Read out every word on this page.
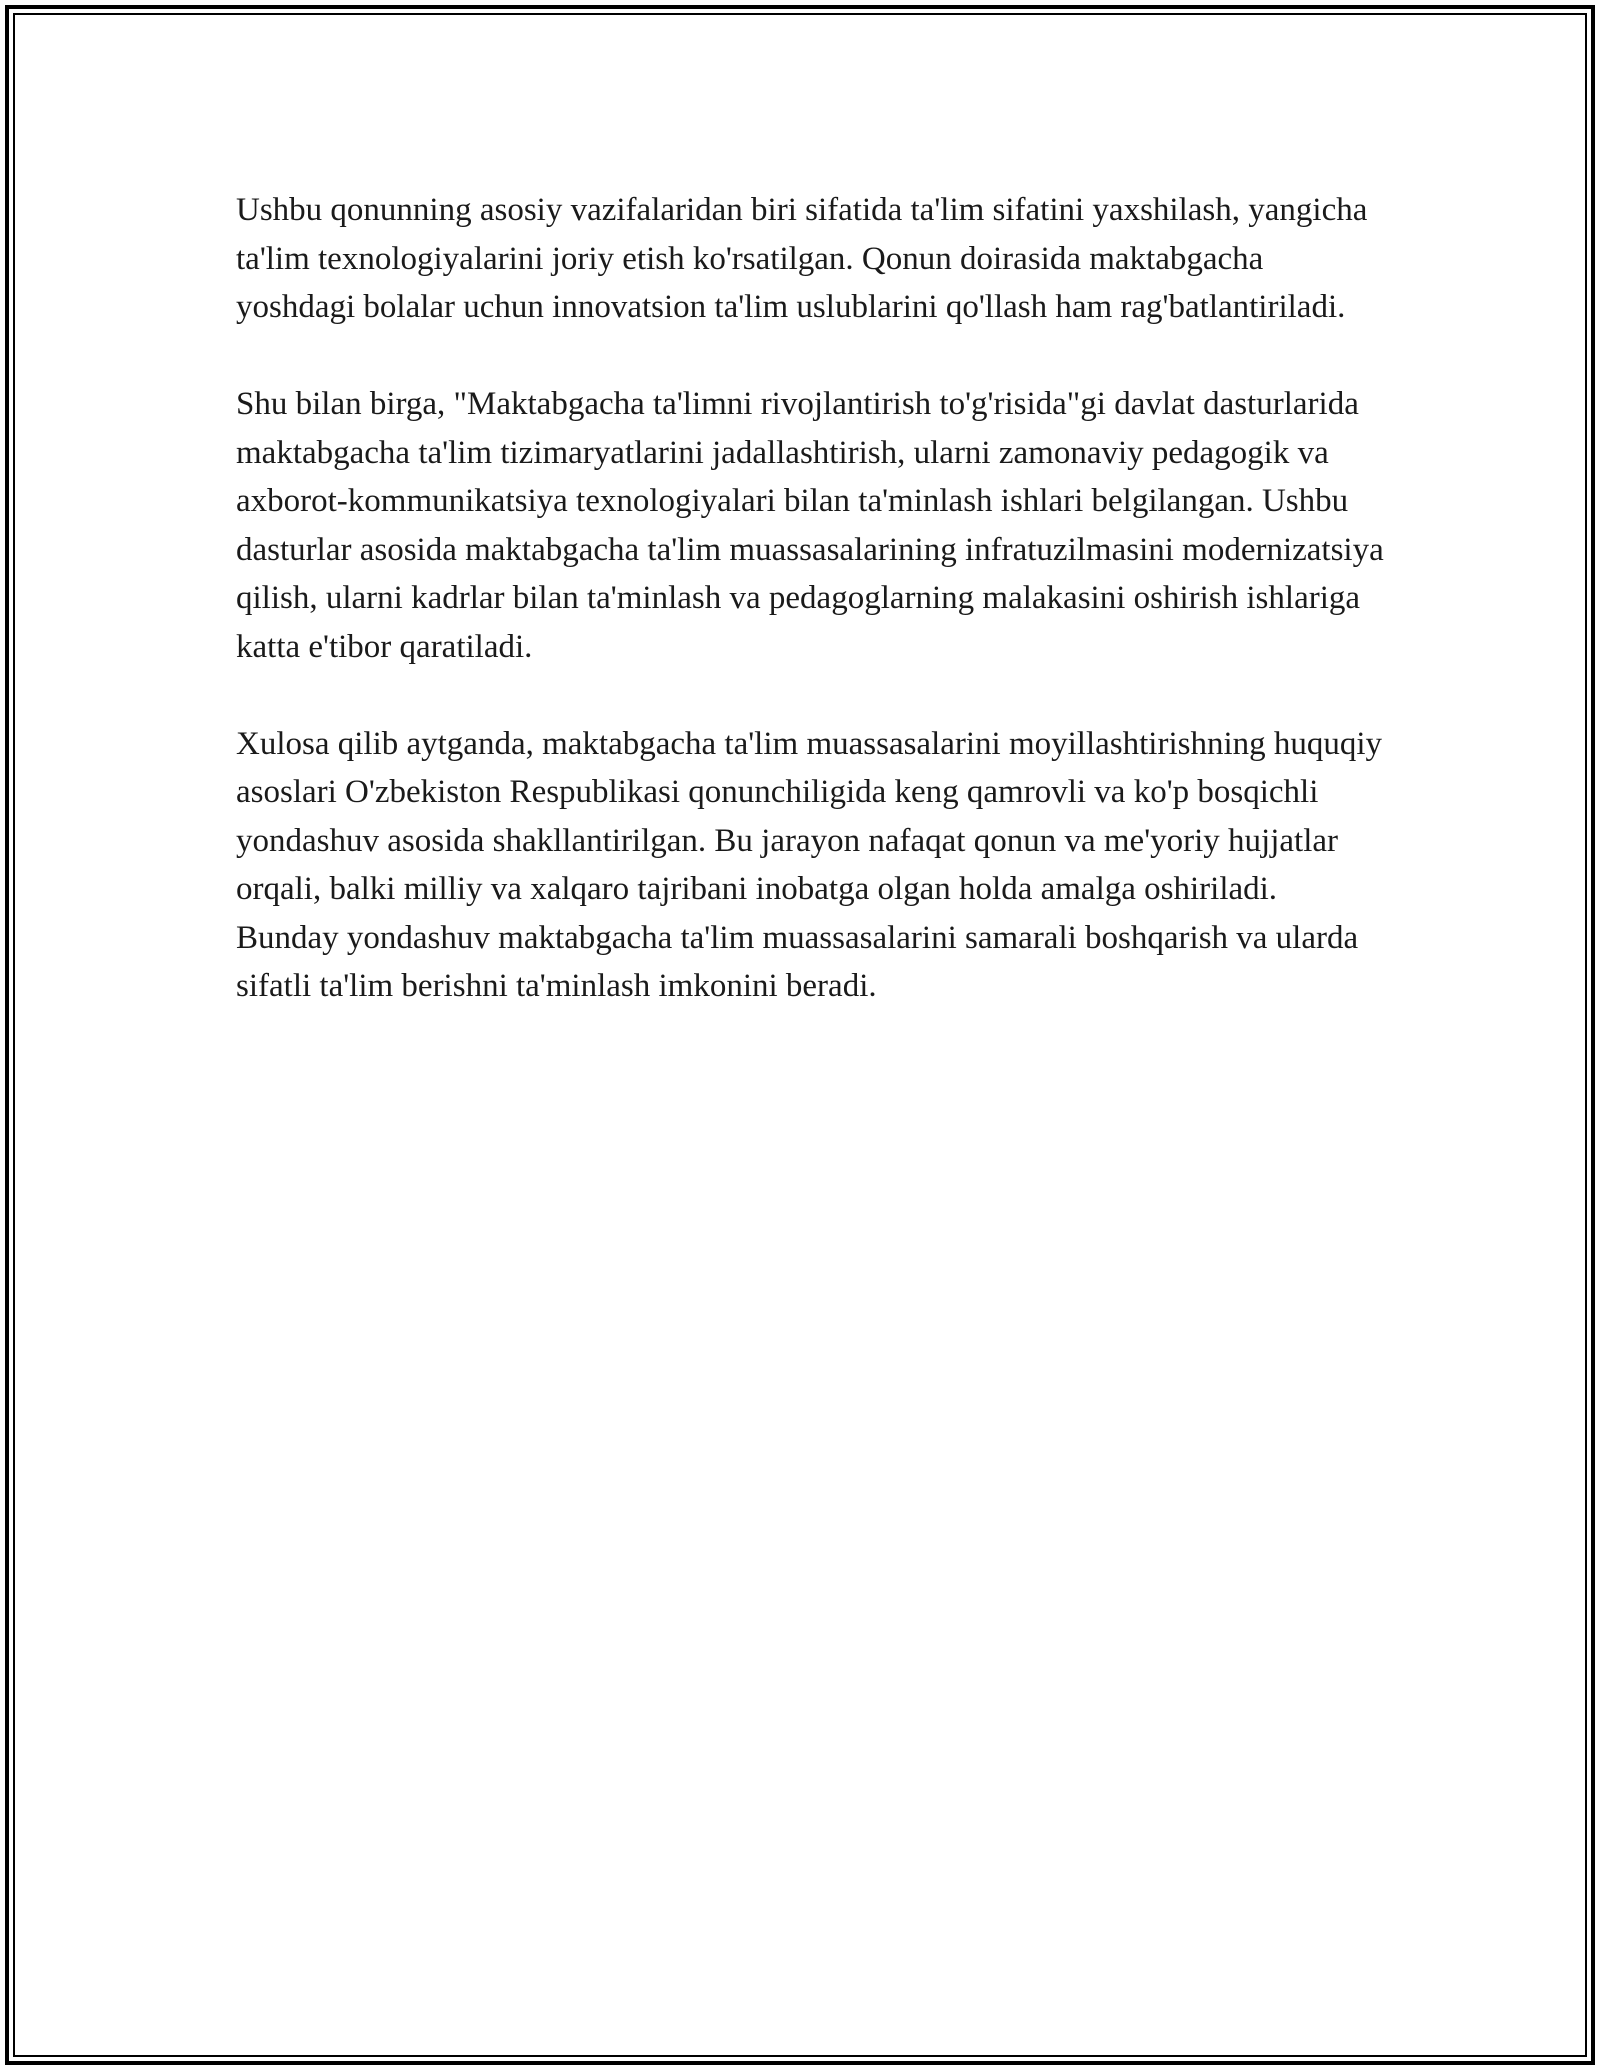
Ushbu qonunning asosiy vazifalaridan biri sifatida ta'lim sifatini yaxshilash, yangicha ta'lim texnologiyalarini joriy etish ko'rsatilgan. Qonun doirasida maktabgacha yoshdagi bolalar uchun innovatsion ta'lim uslublarini qo'llash ham rag'batlantiriladi.

Shu bilan birga, "Maktabgacha ta'limni rivojlantirish to'g'risida"gi davlat dasturlarida maktabgacha ta'lim tizimaryatlarini jadallashtirish, ularni zamonaviy pedagogik va axborot-kommunikatsiya texnologiyalari bilan ta'minlash ishlari belgilangan. Ushbu dasturlar asosida maktabgacha ta'lim muassasalarining infratuzilmasini modernizatsiya qilish, ularni kadrlar bilan ta'minlash va pedagoglarning malakasini oshirish ishlariga katta e'tibor qaratiladi.

Xulosa qilib aytganda, maktabgacha ta'lim muassasalarini moyillashtirishning huquqiy asoslari O'zbekiston Respublikasi qonunchiligida keng qamrovli va ko'p bosqichli yondashuv asosida shakllantirilgan. Bu jarayon nafaqat qonun va me'yoriy hujjatlar orqali, balki milliy va xalqaro tajribani inobatga olgan holda amalga oshiriladi. Bunday yondashuv maktabgacha ta'lim muassasalarini samarali boshqarish va ularda sifatli ta'lim berishni ta'minlash imkonini beradi.
